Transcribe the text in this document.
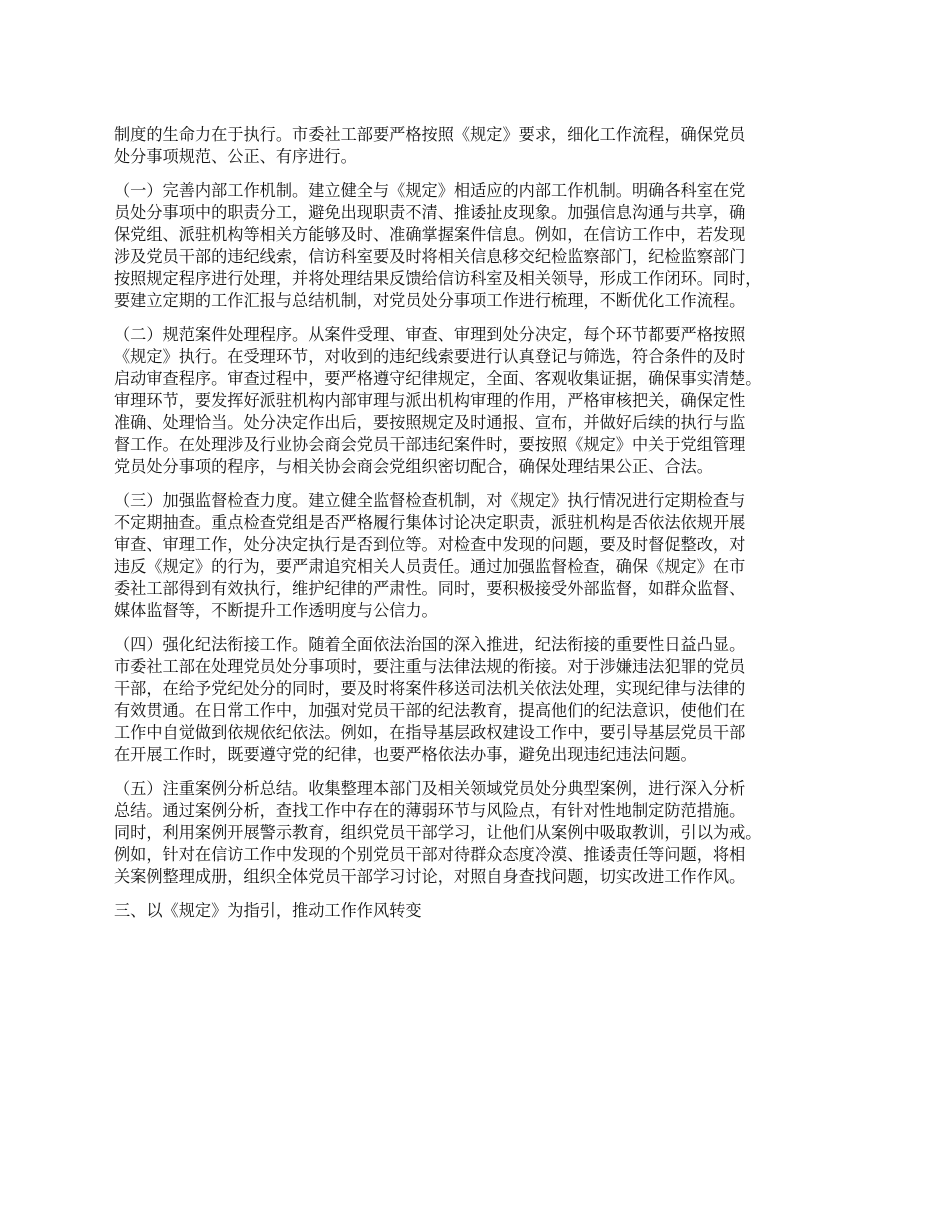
制度的生命力在于执行。市委社工部要严格按照《规定》要求，细化工作流程，确保党员
处分事项规范、公正、有序进行。

（一）完善内部工作机制。建立健全与《规定》相适应的内部工作机制。明确各科室在党
员处分事项中的职责分工，避免出现职责不清、推诿扯皮现象。加强信息沟通与共享，确
保党组、派驻机构等相关方能够及时、准确掌握案件信息。例如，在信访工作中，若发现
涉及党员干部的违纪线索，信访科室要及时将相关信息移交纪检监察部门，纪检监察部门
按照规定程序进行处理，并将处理结果反馈给信访科室及相关领导，形成工作闭环。同时，
要建立定期的工作汇报与总结机制，对党员处分事项工作进行梳理，不断优化工作流程。

（二）规范案件处理程序。从案件受理、审查、审理到处分决定，每个环节都要严格按照
《规定》执行。在受理环节，对收到的违纪线索要进行认真登记与筛选，符合条件的及时
启动审查程序。审查过程中，要严格遵守纪律规定，全面、客观收集证据，确保事实清楚。
审理环节，要发挥好派驻机构内部审理与派出机构审理的作用，严格审核把关，确保定性
准确、处理恰当。处分决定作出后，要按照规定及时通报、宣布，并做好后续的执行与监
督工作。在处理涉及行业协会商会党员干部违纪案件时，要按照《规定》中关于党组管理
党员处分事项的程序，与相关协会商会党组织密切配合，确保处理结果公正、合法。

（三）加强监督检查力度。建立健全监督检查机制，对《规定》执行情况进行定期检查与
不定期抽查。重点检查党组是否严格履行集体讨论决定职责，派驻机构是否依法依规开展
审查、审理工作，处分决定执行是否到位等。对检查中发现的问题，要及时督促整改，对
违反《规定》的行为，要严肃追究相关人员责任。通过加强监督检查，确保《规定》在市
委社工部得到有效执行，维护纪律的严肃性。同时，要积极接受外部监督，如群众监督、
媒体监督等，不断提升工作透明度与公信力。

（四）强化纪法衔接工作。随着全面依法治国的深入推进，纪法衔接的重要性日益凸显。
市委社工部在处理党员处分事项时，要注重与法律法规的衔接。对于涉嫌违法犯罪的党员
干部，在给予党纪处分的同时，要及时将案件移送司法机关依法处理，实现纪律与法律的
有效贯通。在日常工作中，加强对党员干部的纪法教育，提高他们的纪法意识，使他们在
工作中自觉做到依规依纪依法。例如，在指导基层政权建设工作中，要引导基层党员干部
在开展工作时，既要遵守党的纪律，也要严格依法办事，避免出现违纪违法问题。

（五）注重案例分析总结。收集整理本部门及相关领域党员处分典型案例，进行深入分析
总结。通过案例分析，查找工作中存在的薄弱环节与风险点，有针对性地制定防范措施。
同时，利用案例开展警示教育，组织党员干部学习，让他们从案例中吸取教训，引以为戒。
例如，针对在信访工作中发现的个别党员干部对待群众态度冷漠、推诿责任等问题，将相
关案例整理成册，组织全体党员干部学习讨论，对照自身查找问题，切实改进工作作风。

三、以《规定》为指引，推动工作作风转变
